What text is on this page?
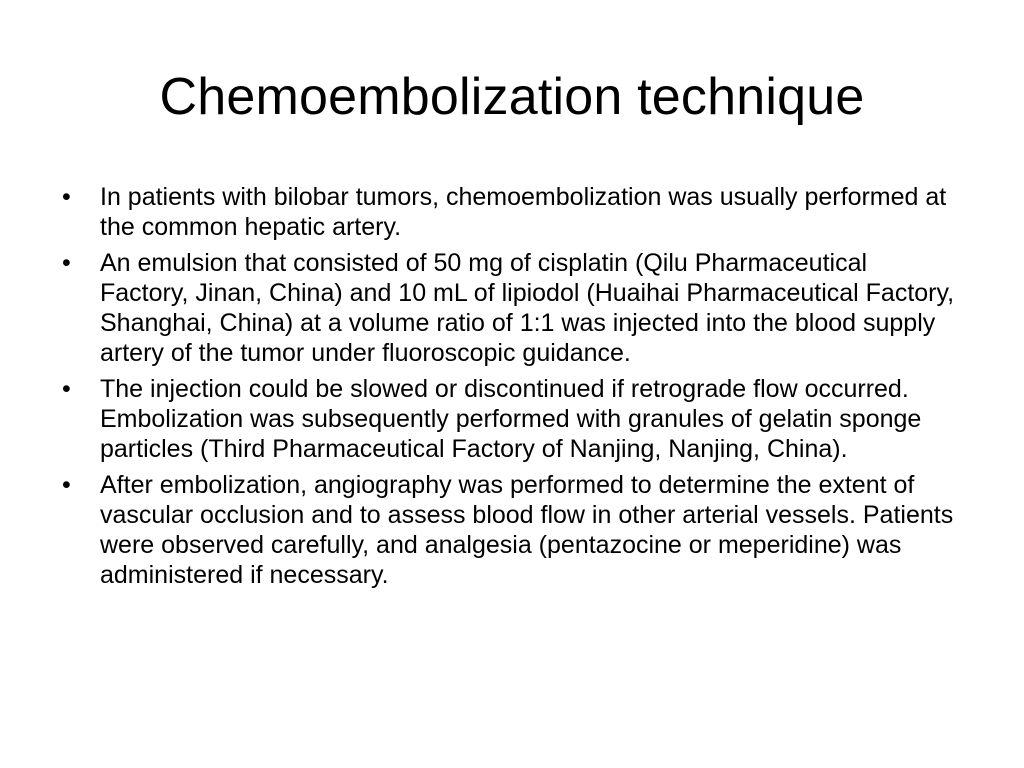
Chemoembolization technique
•	In patients with bilobar tumors, chemoembolization was usually performed at the common hepatic artery.
•	An emulsion that consisted of 50 mg of cisplatin (Qilu Pharmaceutical Factory, Jinan, China) and 10 mL of lipiodol (Huaihai Pharmaceutical Factory, Shanghai, China) at a volume ratio of 1:1 was injected into the blood supply artery of the tumor under fluoroscopic guidance.
•	The injection could be slowed or discontinued if retrograde flow occurred. Embolization was subsequently performed with granules of gelatin sponge particles (Third Pharmaceutical Factory of Nanjing, Nanjing, China).
•	After embolization, angiography was performed to determine the extent of vascular occlusion and to assess blood flow in other arterial vessels. Patients were observed carefully, and analgesia (pentazocine or meperidine) was administered if necessary.
